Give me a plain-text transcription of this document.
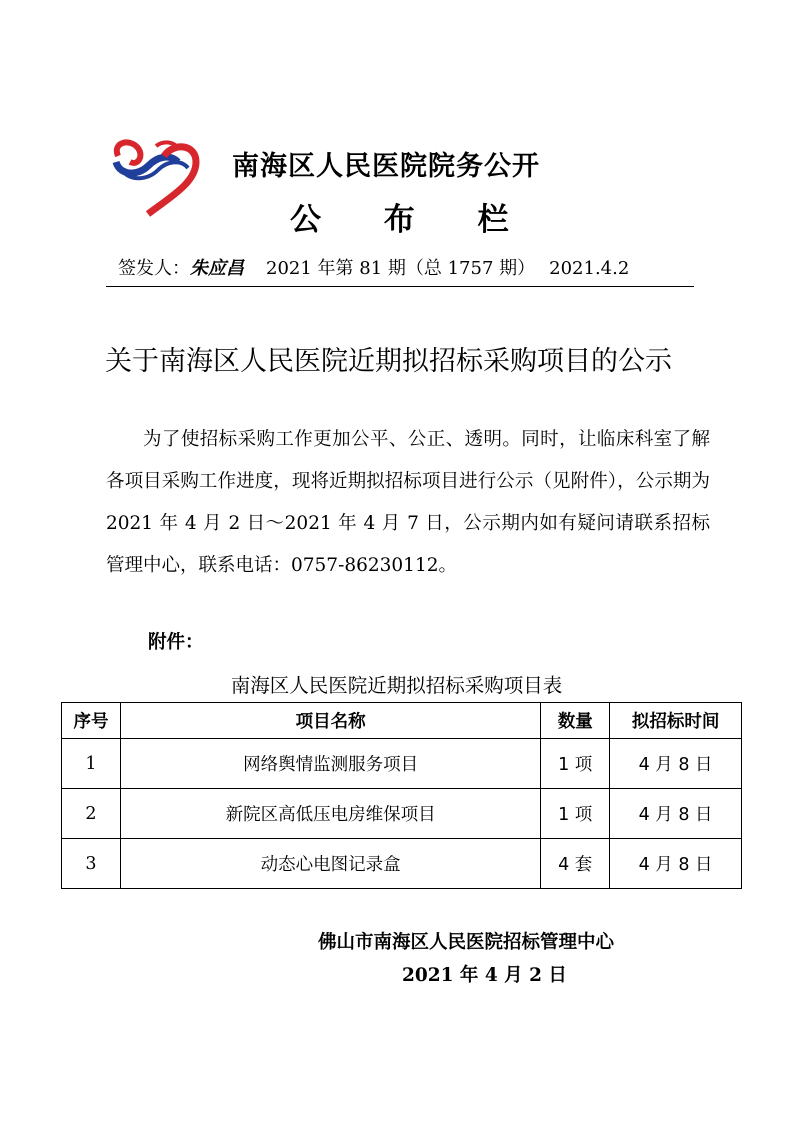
南海区人民医院院务公开
公 布 栏
签发人：朱应昌 2021 年第 81 期（总 1757 期） 2021.4.2
关于南海区人民医院近期拟招标采购项目的公示

为了使招标采购工作更加公平、公正、透明。同时，让临床科室了解各项目采购工作进度，现将近期拟招标项目进行公示（见附件），公示期为 2021 年 4 月 2 日～2021 年 4 月 7 日，公示期内如有疑问请联系招标管理中心，联系电话：0757-86230112。

附件：
南海区人民医院近期拟招标采购项目表
序号	项目名称	数量	拟招标时间
1	网络舆情监测服务项目	1 项	4 月 8 日
2	新院区高低压电房维保项目	1 项	4 月 8 日
3	动态心电图记录盒	4 套	4 月 8 日
佛山市南海区人民医院招标管理中心
2021 年 4 月 2 日
